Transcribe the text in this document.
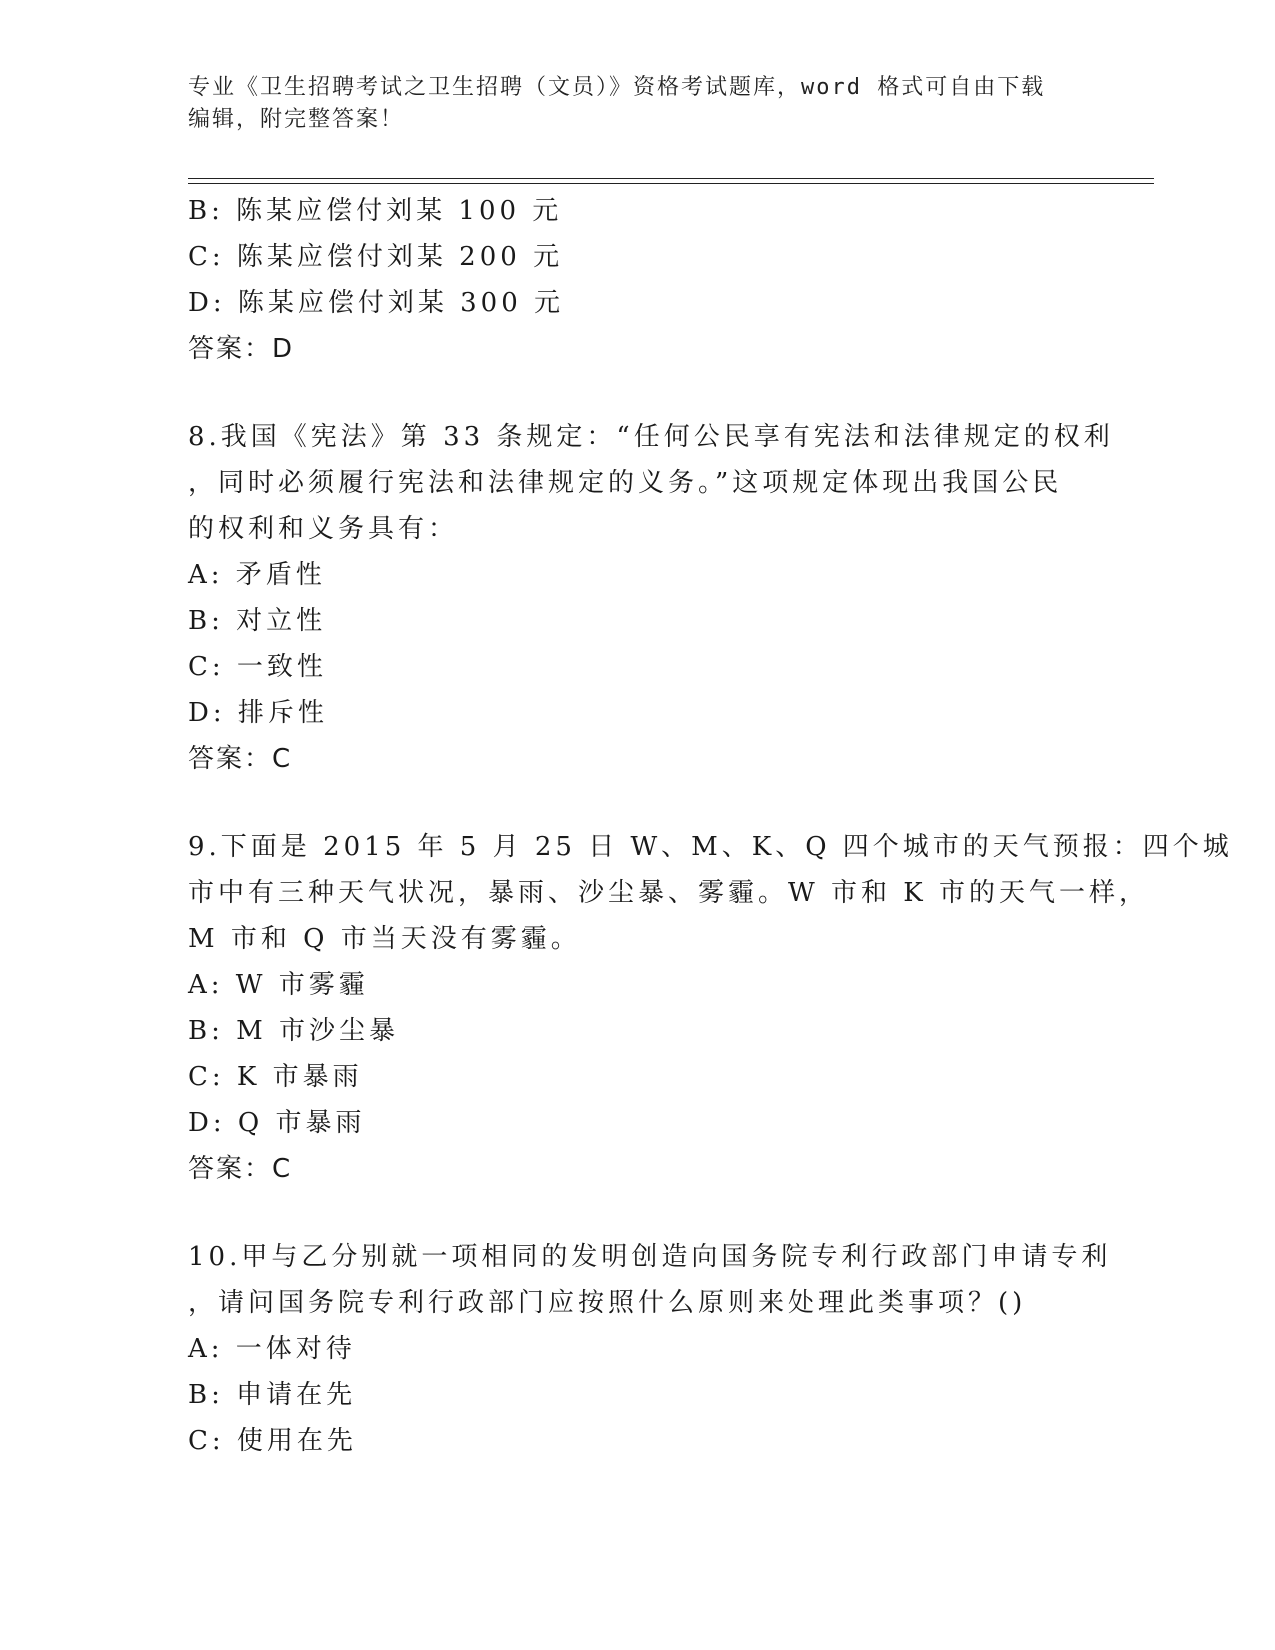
专业《卫生招聘考试之卫生招聘（文员）》资格考试题库，word 格式可自由下载
编辑，附完整答案！
B: 陈某应偿付刘某 100 元
C: 陈某应偿付刘某 200 元
D: 陈某应偿付刘某 300 元
答案：D
8.我国《宪法》第 33 条规定：“任何公民享有宪法和法律规定的权利
，同时必须履行宪法和法律规定的义务。”这项规定体现出我国公民
的权利和义务具有：
A: 矛盾性
B: 对立性
C: 一致性
D: 排斥性
答案：C
9.下面是 2015 年 5 月 25 日 W、M、K、Q 四个城市的天气预报：四个城
市中有三种天气状况，暴雨、沙尘暴、雾霾。W 市和 K 市的天气一样，
M 市和 Q 市当天没有雾霾。
A: W 市雾霾
B: M 市沙尘暴
C: K 市暴雨
D: Q 市暴雨
答案：C
10.甲与乙分别就一项相同的发明创造向国务院专利行政部门申请专利
，请问国务院专利行政部门应按照什么原则来处理此类事项？()
A: 一体对待
B: 申请在先
C: 使用在先
